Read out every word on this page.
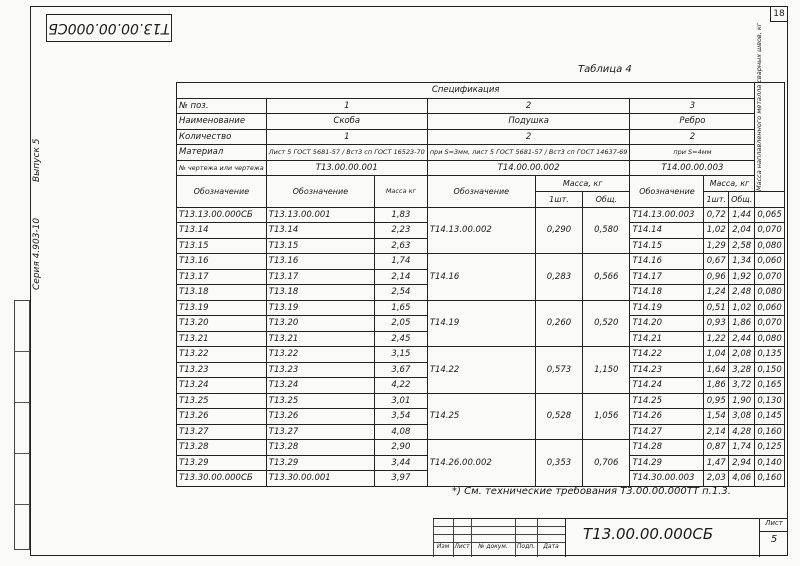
18
Т13.00.00.000СБ
Серия 4.903-10
Выпуск 5
Таблица 4
Спецификация									Масса наплавленного металла сварных швов, кг

№ поз.	1		2			3			
Наименование	Скоба		Подушка			Ребро			
Количество	1		2			2			
Материал	Лист 5 ГОСТ 5681-57 / Вст3 сп ГОСТ 16523-70		при S=3мм, лист 5 ГОСТ 5681-57 / Вст3 сп ГОСТ 14637-69			при S=4мм			
№ чертежа или чертежа	Т13.00.00.001		Т14.00.00.002			Т14.00.00.003			
Обозначение	Обозначение	Масса кг	Обозначение	Масса, кг		Обозначение	Масса, кг		
				1шт.	Общ.		1шт.	Общ.	
Т13.13.00.000СБ	Т13.13.00.001	1,83	Т14.13.00.002	0,290	0,580	Т14.13.00.003	0,72	1,44	0,065
Т13.14	Т13.14	2,23				Т14.14	1,02	2,04	0,070
Т13.15	Т13.15	2,63				Т14.15	1,29	2,58	0,080
Т13.16	Т13.16	1,74	Т14.16	0,283	0,566	Т14.16	0,67	1,34	0,060
Т13.17	Т13.17	2,14				Т14.17	0,96	1,92	0,070
Т13.18	Т13.18	2,54				Т14.18	1,24	2,48	0,080
Т13.19	Т13.19	1,65	Т14.19	0,260	0,520	Т14.19	0,51	1,02	0,060
Т13.20	Т13.20	2,05				Т14.20	0,93	1,86	0,070
Т13.21	Т13.21	2,45				Т14.21	1,22	2,44	0,080
Т13.22	Т13.22	3,15	Т14.22	0,573	1,150	Т14.22	1,04	2,08	0,135
Т13.23	Т13.23	3,67				Т14.23	1,64	3,28	0,150
Т13.24	Т13.24	4,22				Т14.24	1,86	3,72	0,165
Т13.25	Т13.25	3,01	Т14.25	0,528	1,056	Т14.25	0,95	1,90	0,130
Т13.26	Т13.26	3,54				Т14.26	1,54	3,08	0,145
Т13.27	Т13.27	4,08				Т14.27	2,14	4,28	0,160
Т13.28	Т13.28	2,90	Т14.26.00.002	0,353	0,706	Т14.28	0,87	1,74	0,125
Т13.29	Т13.29	3,44				Т14.29	1,47	2,94	0,140
Т13.30.00.000СБ	Т13.30.00.001	3,97				Т14.30.00.003	2,03	4,06	0,160
*) См. технические требования Т3.00.00.000ТТ п.1.3.
Изм Лист	№ докум.	Подп.	Дата
Т13.00.00.000СБ
Лист
5
